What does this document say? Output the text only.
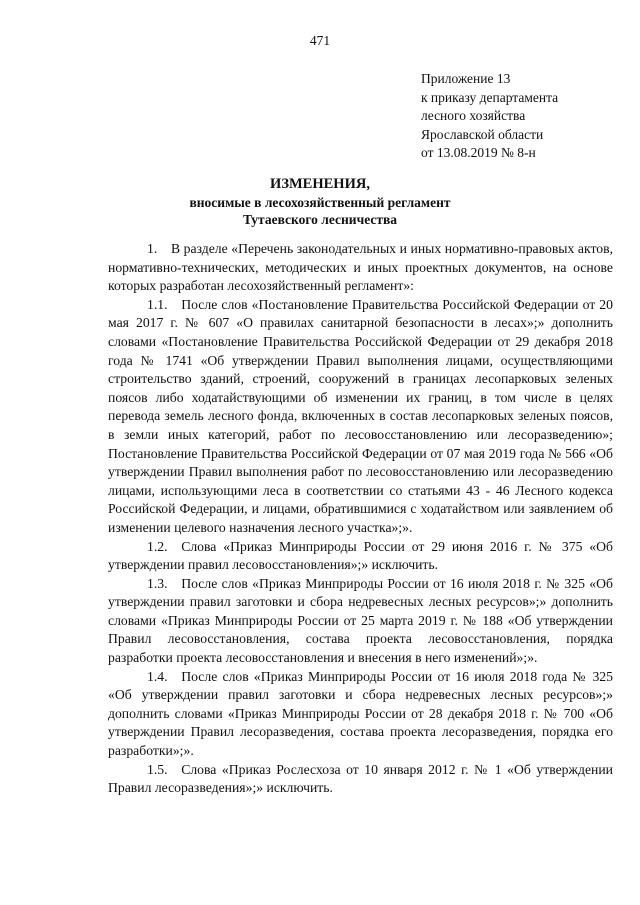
471
Приложение 13
к приказу департамента
лесного хозяйства
Ярославской области
от 13.08.2019 № 8-н
ИЗМЕНЕНИЯ,
вносимые в лесохозяйственный регламент
Тутаевского лесничества

1. В разделе «Перечень законодательных и иных нормативно-правовых актов, нормативно-технических, методических и иных проектных документов, на основе которых разработан лесохозяйственный регламент»:

1.1. После слов «Постановление Правительства Российской Федерации от 20 мая 2017 г. № 607 «О правилах санитарной безопасности в лесах»;» дополнить словами «Постановление Правительства Российской Федерации от 29 декабря 2018 года № 1741 «Об утверждении Правил выполнения лицами, осуществляющими строительство зданий, строений, сооружений в границах лесопарковых зеленых поясов либо ходатайствующими об изменении их границ, в том числе в целях перевода земель лесного фонда, включенных в состав лесопарковых зеленых поясов, в земли иных категорий, работ по лесовосстановлению или лесоразведению»; Постановление Правительства Российской Федерации от 07 мая 2019 года № 566 «Об утверждении Правил выполнения работ по лесовосстановлению или лесоразведению лицами, использующими леса в соответствии со статьями 43 - 46 Лесного кодекса Российской Федерации, и лицами, обратившимися с ходатайством или заявлением об изменении целевого назначения лесного участка»;».

1.2. Слова «Приказ Минприроды России от 29 июня 2016 г. № 375 «Об утверждении правил лесовосстановления»;» исключить.

1.3. После слов «Приказ Минприроды России от 16 июля 2018 г. № 325 «Об утверждении правил заготовки и сбора недревесных лесных ресурсов»;» дополнить словами «Приказ Минприроды России от 25 марта 2019 г. № 188 «Об утверждении Правил лесовосстановления, состава проекта лесовосстановления, порядка разработки проекта лесовосстановления и внесения в него изменений»;».

1.4. После слов «Приказ Минприроды России от 16 июля 2018 года № 325 «Об утверждении правил заготовки и сбора недревесных лесных ресурсов»;» дополнить словами «Приказ Минприроды России от 28 декабря 2018 г. № 700 «Об утверждении Правил лесоразведения, состава проекта лесоразведения, порядка его разработки»;».

1.5. Слова «Приказ Рослесхоза от 10 января 2012 г. № 1 «Об утверждении Правил лесоразведения»;» исключить.
